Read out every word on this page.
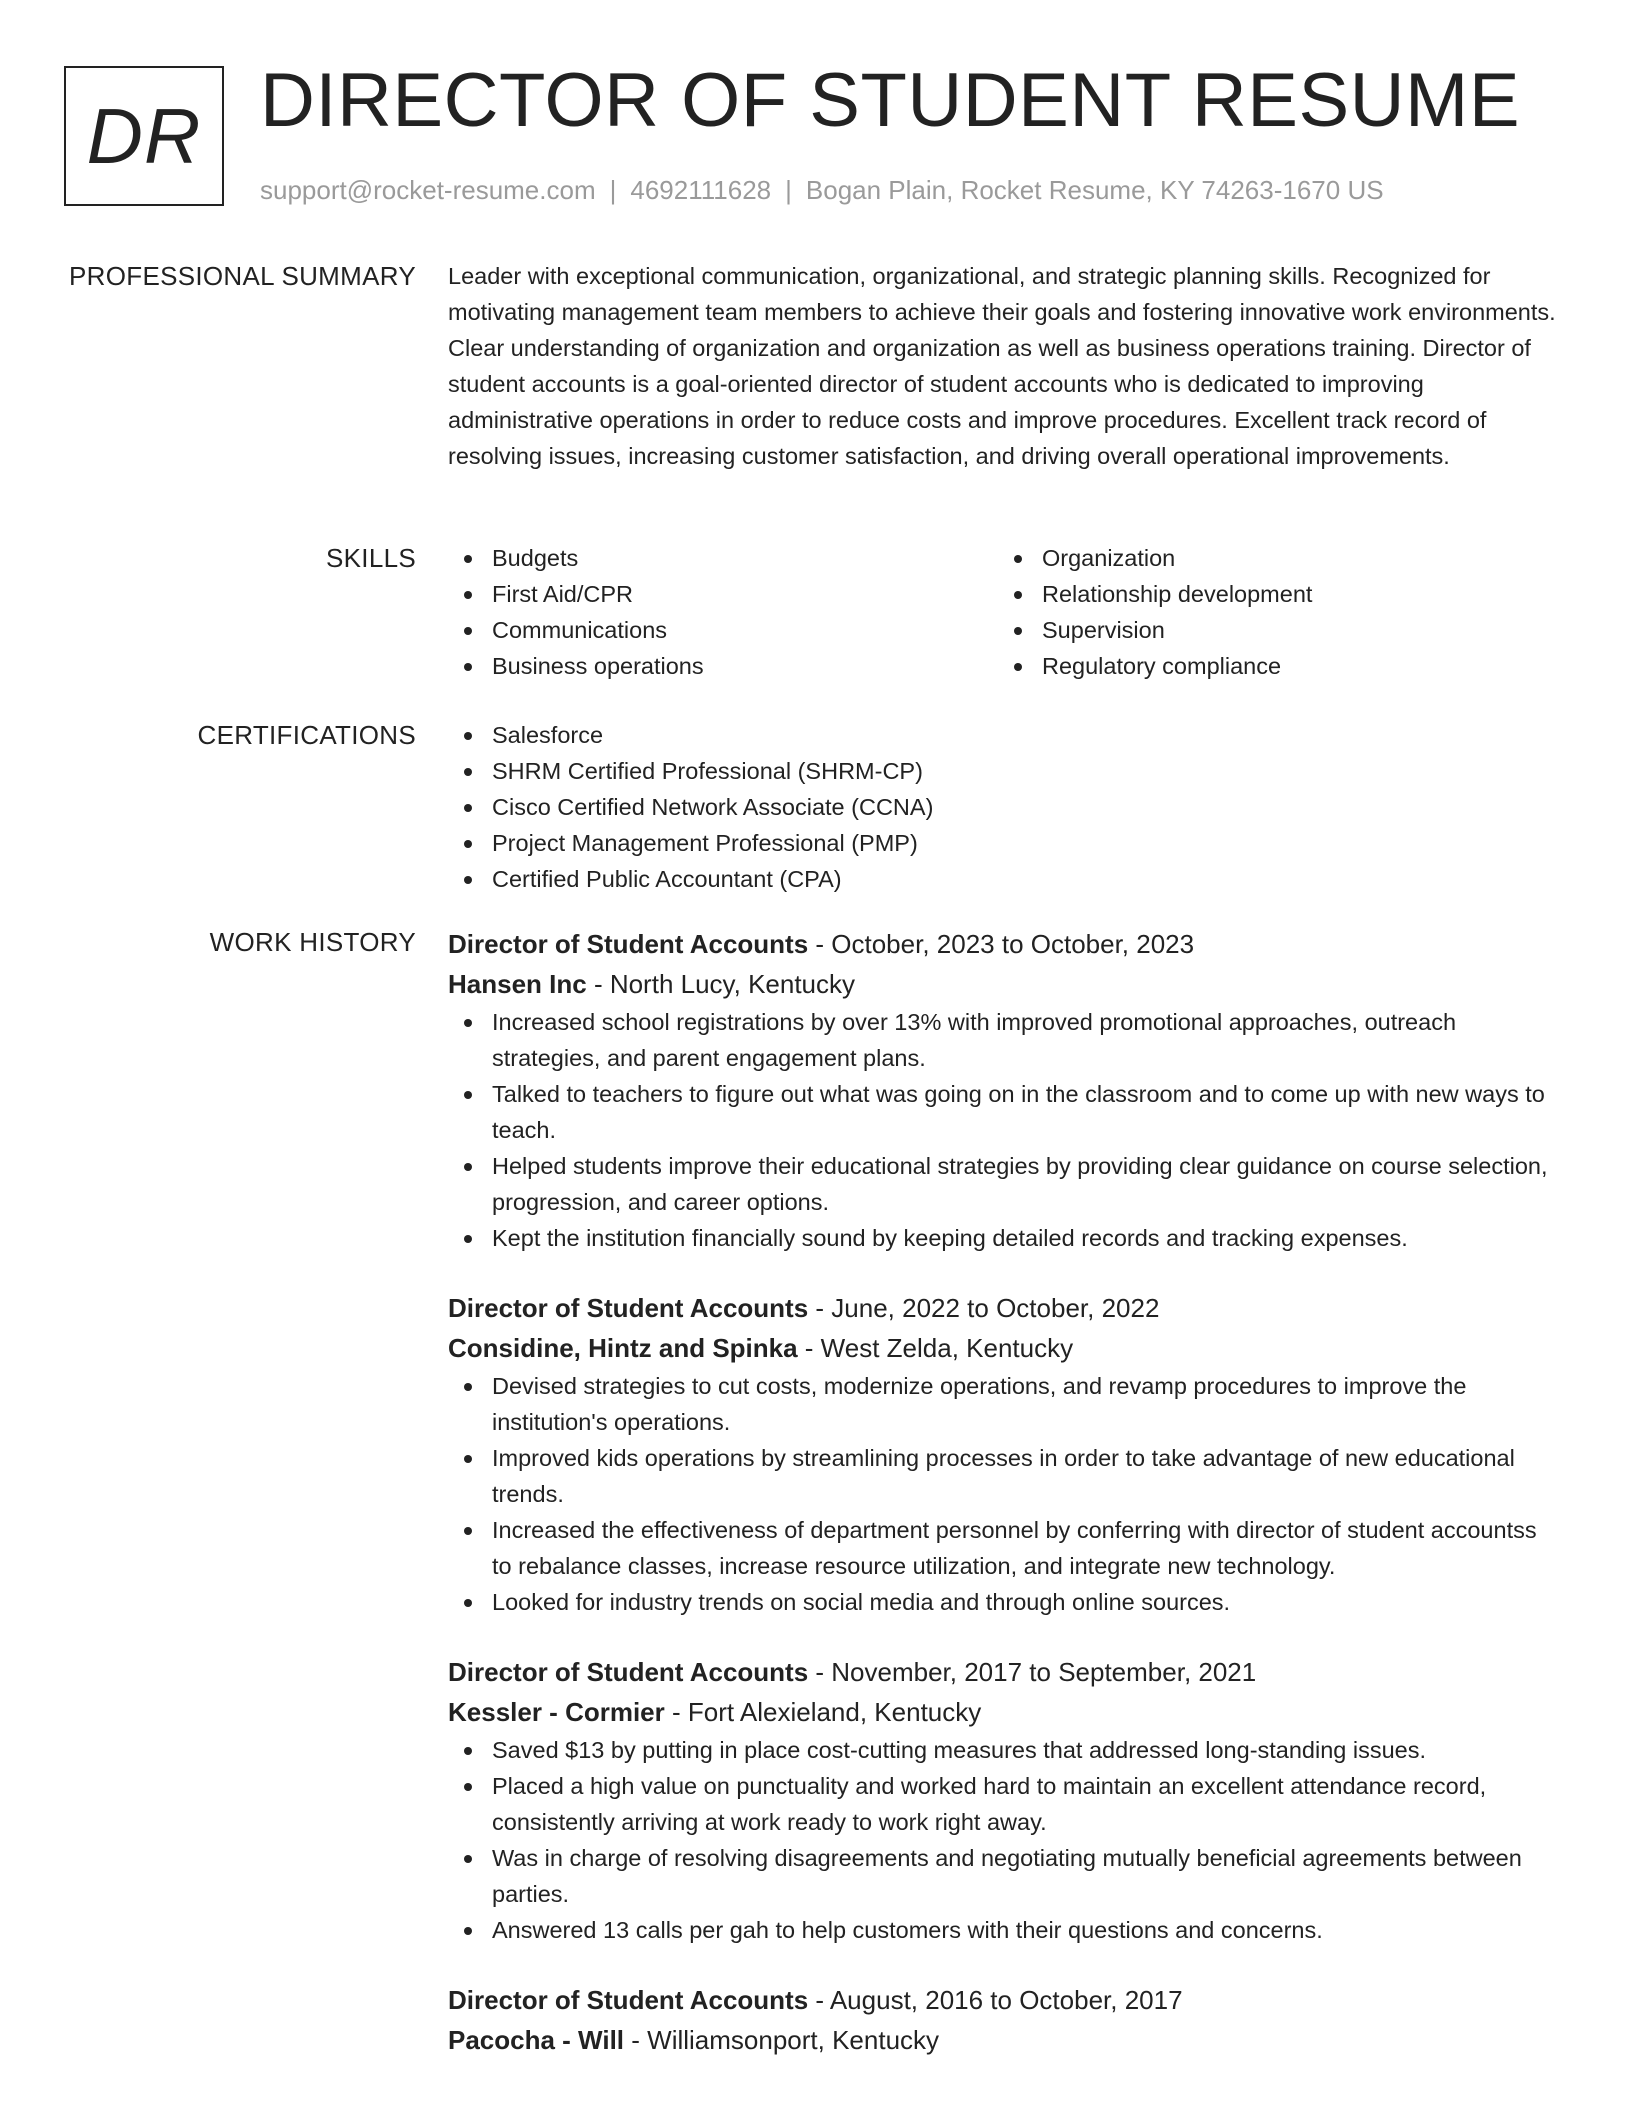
DR DIRECTOR OF STUDENT RESUME
support@rocket-resume.com | 4692111628 | Bogan Plain, Rocket Resume, KY 74263-1670 US
PROFESSIONAL SUMMARY Leader with exceptional communication, organizational, and strategic planning skills. Recognized for motivating management team members to achieve their goals and fostering innovative work environments. Clear understanding of organization and organization as well as business operations training. Director of student accounts is a goal-oriented director of student accounts who is dedicated to improving administrative operations in order to reduce costs and improve procedures. Excellent track record of resolving issues, increasing customer satisfaction, and driving overall operational improvements.

SKILLS	Budgets
First Aid/CPR
Communications
Business operations
Organization
Relationship development
Supervision
Regulatory compliance
CERTIFICATIONS	Salesforce
SHRM Certified Professional (SHRM-CP)
Cisco Certified Network Associate (CCNA)
Project Management Professional (PMP)
Certified Public Accountant (CPA)
WORK HISTORY Director of Student Accounts - October, 2023 to October, 2023
Hansen Inc - North Lucy, Kentucky
Increased school registrations by over 13% with improved promotional approaches, outreach strategies, and parent engagement plans.
Talked to teachers to figure out what was going on in the classroom and to come up with new ways to teach.
Helped students improve their educational strategies by providing clear guidance on course selection, progression, and career options.
Kept the institution financially sound by keeping detailed records and tracking expenses.
Director of Student Accounts - June, 2022 to October, 2022
Considine, Hintz and Spinka - West Zelda, Kentucky
Devised strategies to cut costs, modernize operations, and revamp procedures to improve the institution's operations.
Improved kids operations by streamlining processes in order to take advantage of new educational trends.
Increased the effectiveness of department personnel by conferring with director of student accountss to rebalance classes, increase resource utilization, and integrate new technology.
Looked for industry trends on social media and through online sources.
Director of Student Accounts - November, 2017 to September, 2021
Kessler - Cormier - Fort Alexieland, Kentucky
Saved $13 by putting in place cost-cutting measures that addressed long-standing issues.
Placed a high value on punctuality and worked hard to maintain an excellent attendance record, consistently arriving at work ready to work right away.
Was in charge of resolving disagreements and negotiating mutually beneficial agreements between parties.
Answered 13 calls per gah to help customers with their questions and concerns.
Director of Student Accounts - August, 2016 to October, 2017
Pacocha - Will - Williamsonport, Kentucky
